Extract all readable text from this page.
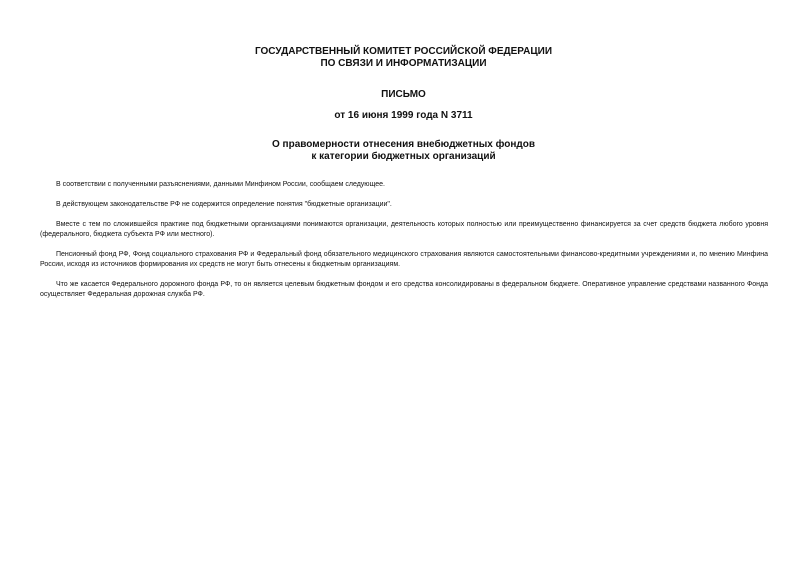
ГОСУДАРСТВЕННЫЙ КОМИТЕТ РОССИЙСКОЙ ФЕДЕРАЦИИ
ПО СВЯЗИ И ИНФОРМАТИЗАЦИИ
ПИСЬМО
от 16 июня 1999 года N 3711
О правомерности отнесения внебюджетных фондов
к категории бюджетных организаций

В соответствии с полученными разъяснениями, данными Минфином России, сообщаем следующее.

В действующем законодательстве РФ не содержится определение понятия "бюджетные организации".

Вместе с тем по сложившейся практике под бюджетными организациями понимаются организации, деятельность которых полностью или преимущественно финансируется за счет средств бюджета любого уровня (федерального, бюджета субъекта РФ или местного).

Пенсионный фонд РФ, Фонд социального страхования РФ и Федеральный фонд обязательного медицинского страхования являются самостоятельными финансово-кредитными учреждениями и, по мнению Минфина России, исходя из источников формирования их средств не могут быть отнесены к бюджетным организациям.

Что же касается Федерального дорожного фонда РФ, то он является целевым бюджетным фондом и его средства консолидированы в федеральном бюджете. Оперативное управление средствами названного Фонда осуществляет Федеральная дорожная служба РФ.
